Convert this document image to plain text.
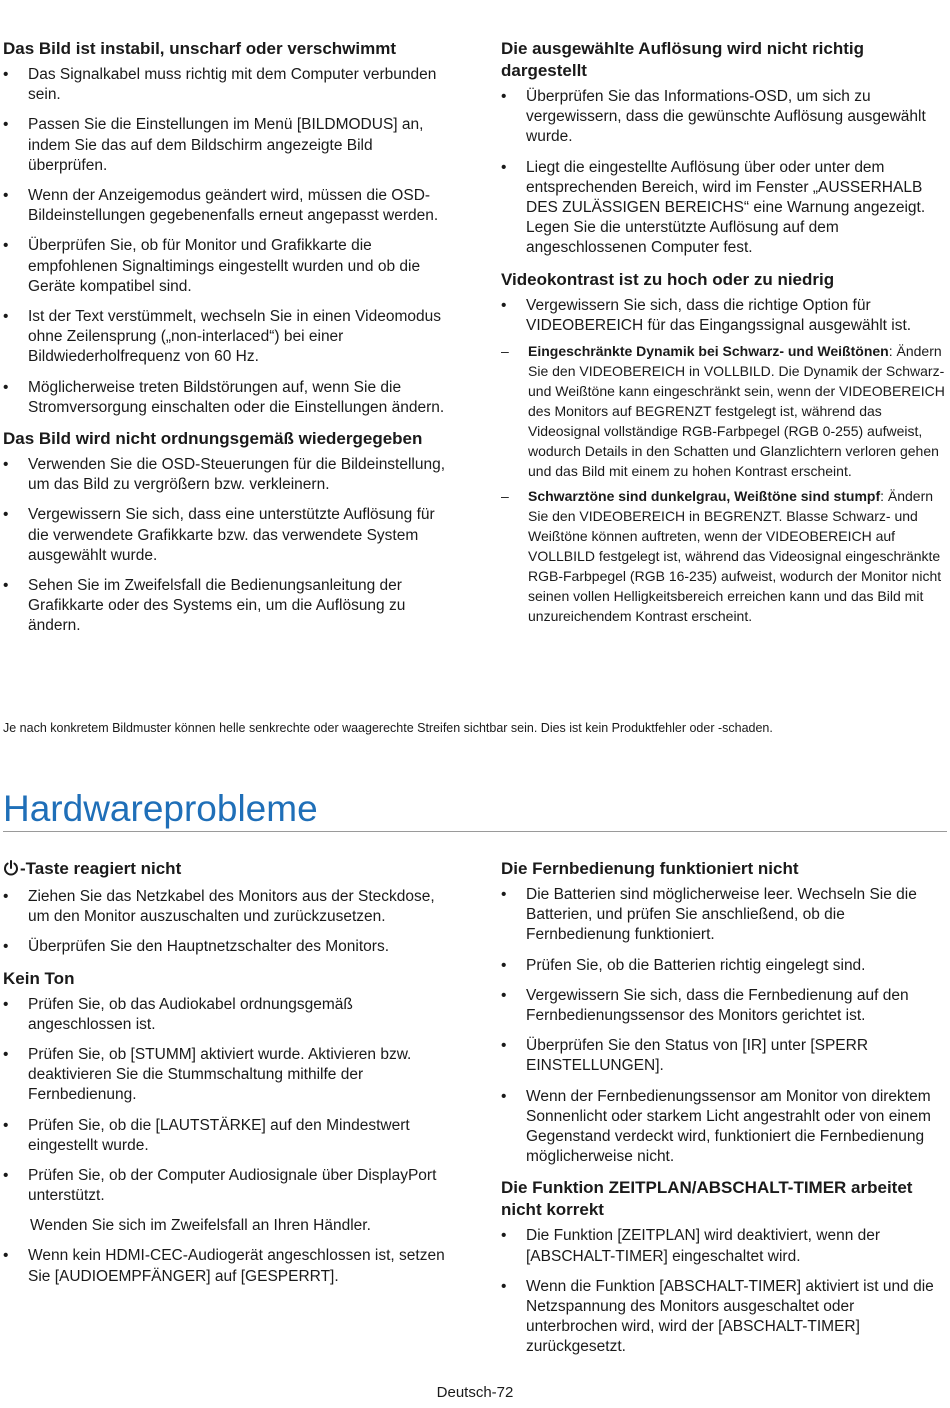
Das Bild ist instabil, unscharf oder verschwimmt
• Das Signalkabel muss richtig mit dem Computer verbunden sein.
• Passen Sie die Einstellungen im Menü [BILDMODUS] an, indem Sie das auf dem Bildschirm angezeigte Bild überprüfen.
• Wenn der Anzeigemodus geändert wird, müssen die OSD-Bildeinstellungen gegebenenfalls erneut angepasst werden.
• Überprüfen Sie, ob für Monitor und Grafikkarte die empfohlenen Signaltimings eingestellt wurden und ob die Geräte kompatibel sind.
• Ist der Text verstümmelt, wechseln Sie in einen Videomodus ohne Zeilensprung („non-interlaced“) bei einer Bildwiederholfrequenz von 60 Hz.
• Möglicherweise treten Bildstörungen auf, wenn Sie die Stromversorgung einschalten oder die Einstellungen ändern.
Das Bild wird nicht ordnungsgemäß wiedergegeben
• Verwenden Sie die OSD-Steuerungen für die Bildeinstellung, um das Bild zu vergrößern bzw. verkleinern.
• Vergewissern Sie sich, dass eine unterstützte Auflösung für die verwendete Grafikkarte bzw. das verwendete System ausgewählt wurde.
• Sehen Sie im Zweifelsfall die Bedienungsanleitung der Grafikkarte oder des Systems ein, um die Auflösung zu ändern.
Die ausgewählte Auflösung wird nicht richtig dargestellt
• Überprüfen Sie das Informations-OSD, um sich zu vergewissern, dass die gewünschte Auflösung ausgewählt wurde.
• Liegt die eingestellte Auflösung über oder unter dem entsprechenden Bereich, wird im Fenster „AUSSERHALB DES ZULÄSSIGEN BEREICHS“ eine Warnung angezeigt. Legen Sie die unterstützte Auflösung auf dem angeschlossenen Computer fest.
Videokontrast ist zu hoch oder zu niedrig
• Vergewissern Sie sich, dass die richtige Option für VIDEOBEREICH für das Eingangssignal ausgewählt ist.
– Eingeschränkte Dynamik bei Schwarz- und Weißtönen: Ändern Sie den VIDEOBEREICH in VOLLBILD. Die Dynamik der Schwarz- und Weißtöne kann eingeschränkt sein, wenn der VIDEOBEREICH des Monitors auf BEGRENZT festgelegt ist, während das Videosignal vollständige RGB-Farbpegel (RGB 0-255) aufweist, wodurch Details in den Schatten und Glanzlichtern verloren gehen und das Bild mit einem zu hohen Kontrast erscheint.
– Schwarztöne sind dunkelgrau, Weißtöne sind stumpf: Ändern Sie den VIDEOBEREICH in BEGRENZT. Blasse Schwarz- und Weißtöne können auftreten, wenn der VIDEOBEREICH auf VOLLBILD festgelegt ist, während das Videosignal eingeschränkte RGB-Farbpegel (RGB 16-235) aufweist, wodurch der Monitor nicht seinen vollen Helligkeitsbereich erreichen kann und das Bild mit unzureichendem Kontrast erscheint.
Je nach konkretem Bildmuster können helle senkrechte oder waagerechte Streifen sichtbar sein. Dies ist kein Produktfehler oder -schaden.
Hardwareprobleme
-Taste reagiert nicht
• Ziehen Sie das Netzkabel des Monitors aus der Steckdose, um den Monitor auszuschalten und zurückzusetzen.
• Überprüfen Sie den Hauptnetzschalter des Monitors.
Kein Ton
• Prüfen Sie, ob das Audiokabel ordnungsgemäß angeschlossen ist.
• Prüfen Sie, ob [STUMM] aktiviert wurde. Aktivieren bzw. deaktivieren Sie die Stummschaltung mithilfe der Fernbedienung.
• Prüfen Sie, ob die [LAUTSTÄRKE] auf den Mindestwert eingestellt wurde.
• Prüfen Sie, ob der Computer Audiosignale über DisplayPort unterstützt.

Wenden Sie sich im Zweifelsfall an Ihren Händler.

• Wenn kein HDMI-CEC-Audiogerät angeschlossen ist, setzen Sie [AUDIOEMPFÄNGER] auf [GESPERRT].
Die Fernbedienung funktioniert nicht
• Die Batterien sind möglicherweise leer. Wechseln Sie die Batterien, und prüfen Sie anschließend, ob die Fernbedienung funktioniert.
• Prüfen Sie, ob die Batterien richtig eingelegt sind.
• Vergewissern Sie sich, dass die Fernbedienung auf den Fernbedienungssensor des Monitors gerichtet ist.
• Überprüfen Sie den Status von [IR] unter [SPERR EINSTELLUNGEN].
• Wenn der Fernbedienungssensor am Monitor von direktem Sonnenlicht oder starkem Licht angestrahlt oder von einem Gegenstand verdeckt wird, funktioniert die Fernbedienung möglicherweise nicht.
Die Funktion ZEITPLAN/ABSCHALT-TIMER arbeitet nicht korrekt
• Die Funktion [ZEITPLAN] wird deaktiviert, wenn der [ABSCHALT-TIMER] eingeschaltet wird.
• Wenn die Funktion [ABSCHALT-TIMER] aktiviert ist und die Netzspannung des Monitors ausgeschaltet oder unterbrochen wird, wird der [ABSCHALT-TIMER] zurückgesetzt.
Deutsch-72
